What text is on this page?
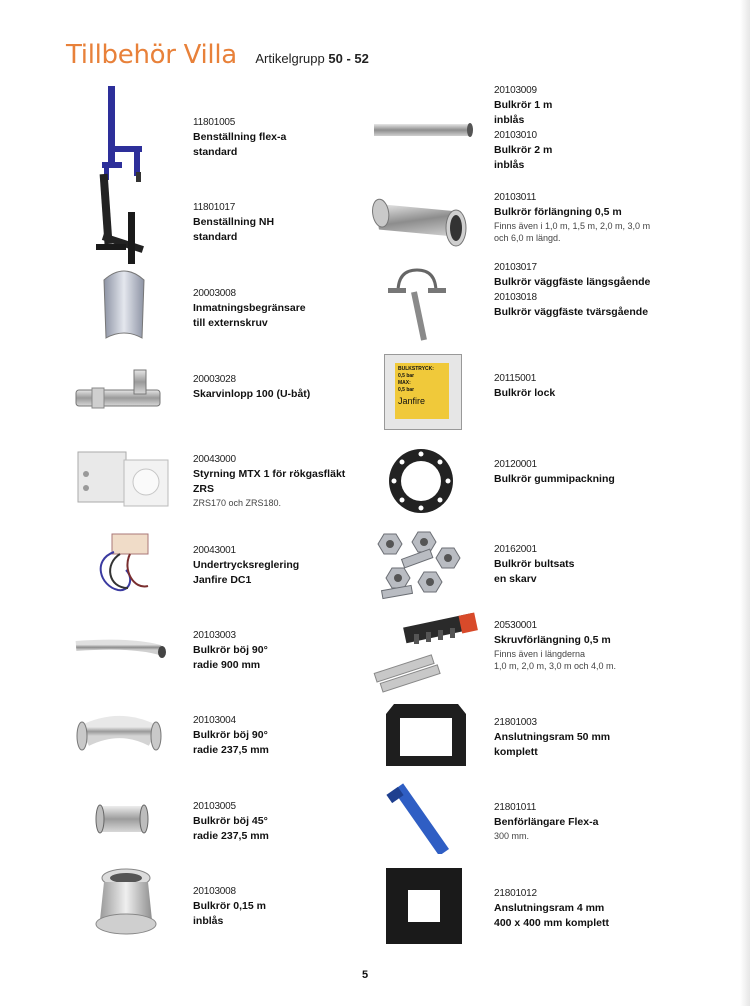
Tillbehör Villa Artikelgrupp 50 - 52
BULKSTRYCK:
0,5 bar
MAX:
0,5 bar
Janfire
11801005
Benställning flex-a
standard
11801017
Benställning NH
standard
20003008
Inmatningsbegränsare
till externskruv
20003028
Skarvinlopp 100 (U-båt)
20043000
Styrning MTX 1 för rökgasfläkt
ZRS
ZRS170 och ZRS180.
20043001
Undertrycksreglering
Janfire DC1
20103003
Bulkrör böj 90°
radie 900 mm
20103004
Bulkrör böj 90°
radie 237,5 mm
20103005
Bulkrör böj 45°
radie 237,5 mm
20103008
Bulkrör 0,15 m
inblås
20103009
Bulkrör 1 m
inblås
20103010
Bulkrör 2 m
inblås
20103011
Bulkrör förlängning 0,5 m
Finns även i 1,0 m, 1,5 m, 2,0 m, 3,0 m
och 6,0 m längd.
20103017
Bulkrör väggfäste längsgående
20103018
Bulkrör väggfäste tvärsgående
20115001
Bulkrör lock
20120001
Bulkrör gummipackning
20162001
Bulkrör bultsats
en skarv
20530001
Skruvförlängning 0,5 m
Finns även i längderna
1,0 m, 2,0 m, 3,0 m och 4,0 m.
21801003
Anslutningsram 50 mm
komplett
21801011
Benförlängare Flex-a
300 mm.
21801012
Anslutningsram 4 mm
400 x 400 mm komplett
5
